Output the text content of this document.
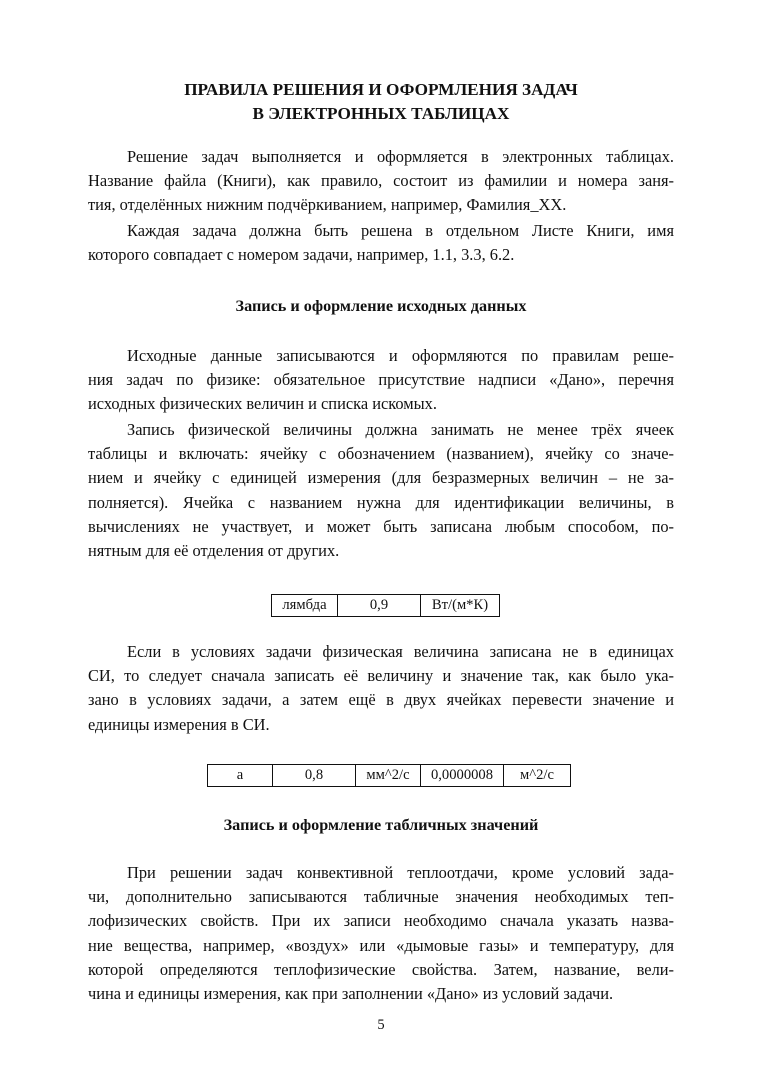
ПРАВИЛА РЕШЕНИЯ И ОФОРМЛЕНИЯ ЗАДАЧ
В ЭЛЕКТРОННЫХ ТАБЛИЦАХ

Решение задач выполняется и оформляется в электронных таблицах.
Название файла (Книги), как правило, состоит из фамилии и номера заня-
тия, отделённых нижним подчёркиванием, например, Фамилия_ХХ.

Каждая задача должна быть решена в отдельном Листе Книги, имя
которого совпадает с номером задачи, например, 1.1, 3.3, 6.2.

Запись и оформление исходных данных

Исходные данные записываются и оформляются по правилам реше-
ния задач по физике: обязательное присутствие надписи «Дано», перечня
исходных физических величин и списка искомых.

Запись физической величины должна занимать не менее трёх ячеек
таблицы и включать: ячейку с обозначением (названием), ячейку со значе-
нием и ячейку с единицей измерения (для безразмерных величин – не за-
полняется). Ячейка с названием нужна для идентификации величины, в
вычислениях не участвует, и может быть записана любым способом, по-
нятным для её отделения от других.

лямбда	0,9	Вт/(м*К)

Если в условиях задачи физическая величина записана не в единицах
СИ, то следует сначала записать её величину и значение так, как было ука-
зано в условиях задачи, а затем ещё в двух ячейках перевести значение и
единицы измерения в СИ.

а	0,8	мм^2/с	0,0000008	м^2/с
Запись и оформление табличных значений

При решении задач конвективной теплоотдачи, кроме условий зада-
чи, дополнительно записываются табличные значения необходимых теп-
лофизических свойств. При их записи необходимо сначала указать назва-
ние вещества, например, «воздух» или «дымовые газы» и температуру, для
которой определяются теплофизические свойства. Затем, название, вели-
чина и единицы измерения, как при заполнении «Дано» из условий задачи.

5
